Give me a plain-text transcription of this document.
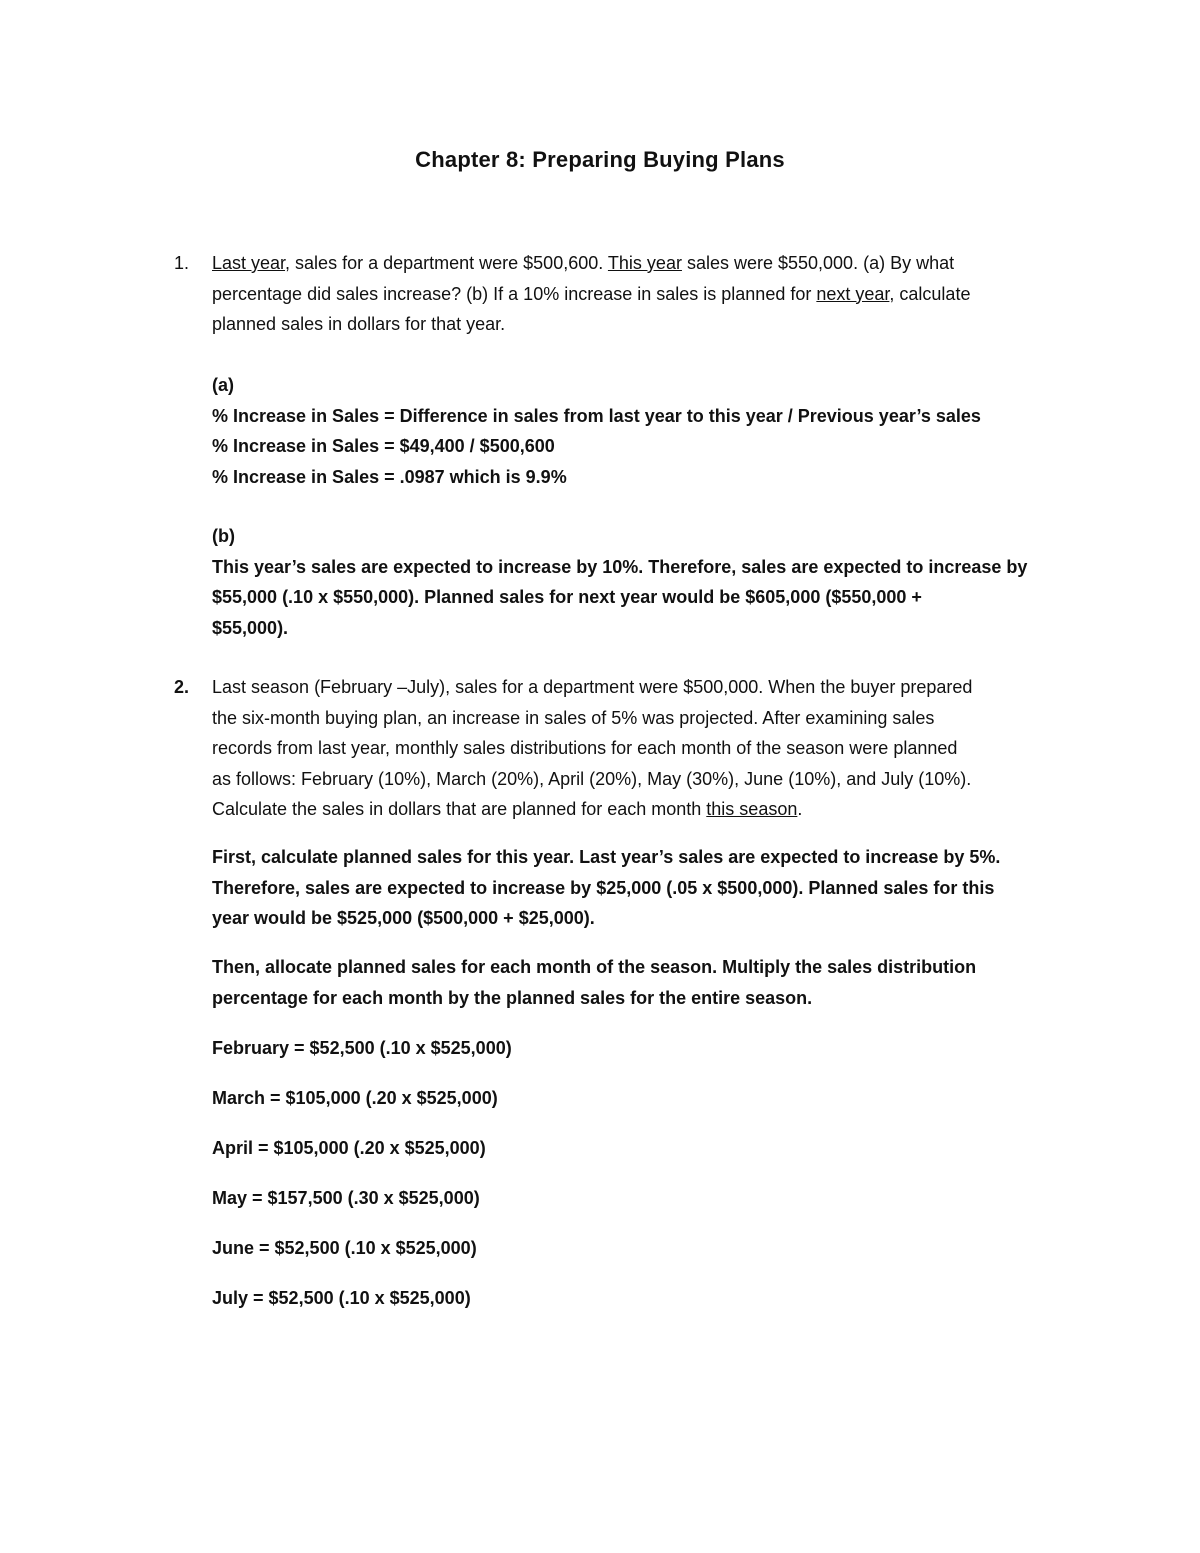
Chapter 8: Preparing Buying Plans
1. Last year, sales for a department were $500,600. This year sales were $550,000. (a) By what
percentage did sales increase? (b) If a 10% increase in sales is planned for next year, calculate
planned sales in dollars for that year.
(a)
% Increase in Sales = Difference in sales from last year to this year / Previous year’s sales
% Increase in Sales = $49,400 / $500,600
% Increase in Sales = .0987 which is 9.9%
(b)
This year’s sales are expected to increase by 10%. Therefore, sales are expected to increase by
$55,000 (.10 x $550,000). Planned sales for next year would be $605,000 ($550,000 +
$55,000).
2. Last season (February –July), sales for a department were $500,000. When the buyer prepared
the six-month buying plan, an increase in sales of 5% was projected. After examining sales
records from last year, monthly sales distributions for each month of the season were planned
as follows: February (10%), March (20%), April (20%), May (30%), June (10%), and July (10%).
Calculate the sales in dollars that are planned for each month this season.
First, calculate planned sales for this year. Last year’s sales are expected to increase by 5%.
Therefore, sales are expected to increase by $25,000 (.05 x $500,000). Planned sales for this
year would be $525,000 ($500,000 + $25,000).
Then, allocate planned sales for each month of the season. Multiply the sales distribution
percentage for each month by the planned sales for the entire season.
February = $52,500 (.10 x $525,000)
March = $105,000 (.20 x $525,000)
April = $105,000 (.20 x $525,000)
May = $157,500 (.30 x $525,000)
June = $52,500 (.10 x $525,000)
July = $52,500 (.10 x $525,000)
